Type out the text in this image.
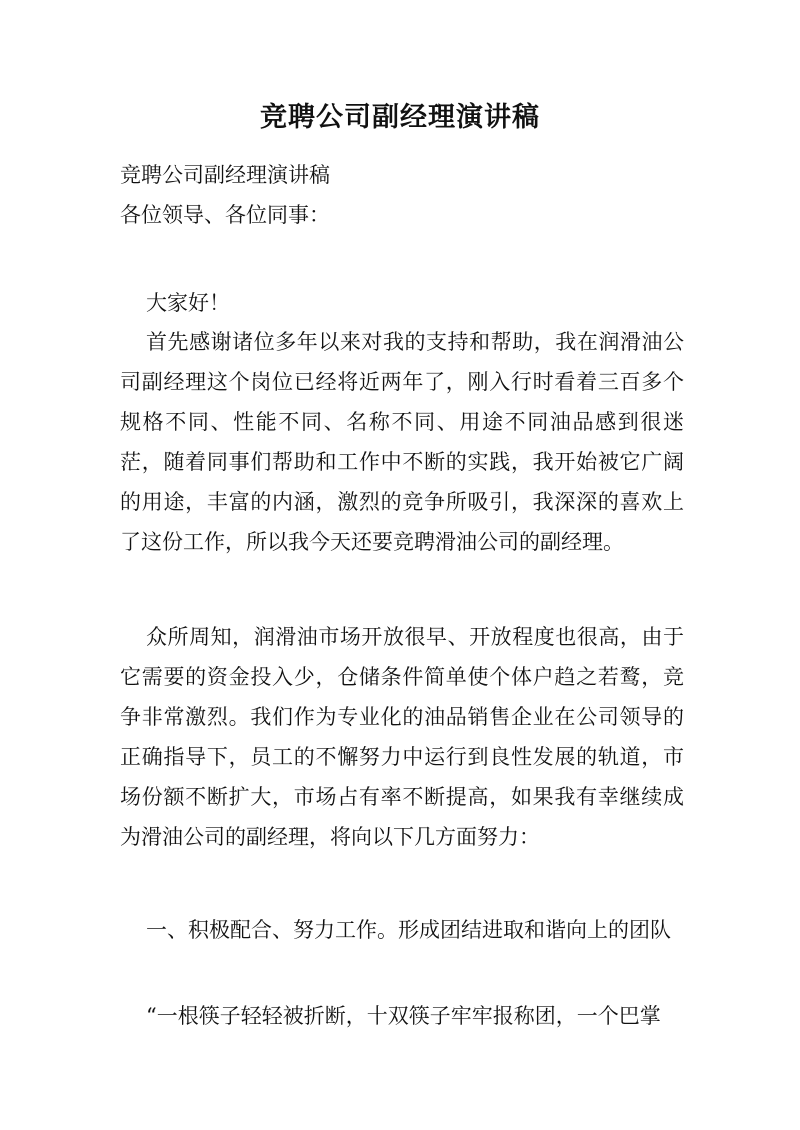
竞聘公司副经理演讲稿
竞聘公司副经理演讲稿
各位领导、各位同事：
大家好！
首先感谢诸位多年以来对我的支持和帮助，我在润滑油公司副经理这个岗位已经将近两年了，刚入行时看着三百多个规格不同、性能不同、名称不同、用途不同油品感到很迷茫，随着同事们帮助和工作中不断的实践，我开始被它广阔的用途，丰富的内涵，激烈的竞争所吸引，我深深的喜欢上了这份工作，所以我今天还要竞聘滑油公司的副经理。
众所周知，润滑油市场开放很早、开放程度也很高，由于它需要的资金投入少，仓储条件简单使个体户趋之若鹜，竞争非常激烈。我们作为专业化的油品销售企业在公司领导的正确指导下，员工的不懈努力中运行到良性发展的轨道，市场份额不断扩大，市场占有率不断提高，如果我有幸继续成为滑油公司的副经理，将向以下几方面努力：
一、积极配合、努力工作。形成团结进取和谐向上的团队
“一根筷子轻轻被折断，十双筷子牢牢报称团，一个巴掌
